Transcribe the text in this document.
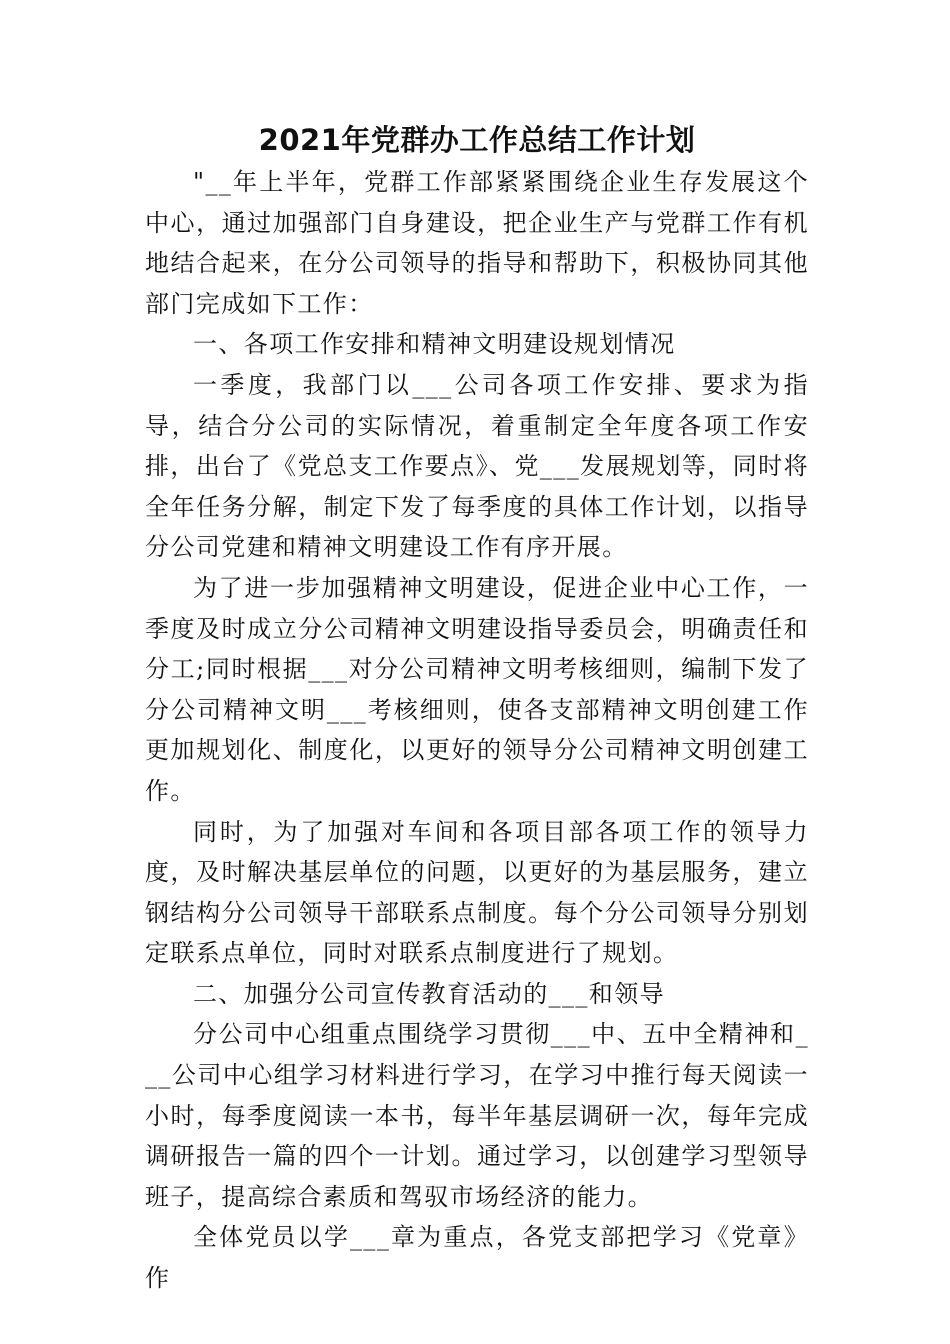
2021年党群办工作总结工作计划

"__年上半年，党群工作部紧紧围绕企业生存发展这个中心，通过加强部门自身建设，把企业生产与党群工作有机地结合起来，在分公司领导的指导和帮助下，积极协同其他部门完成如下工作：

一、各项工作安排和精神文明建设规划情况

一季度，我部门以___公司各项工作安排、要求为指导，结合分公司的实际情况，着重制定全年度各项工作安排，出台了《党总支工作要点》、党___发展规划等，同时将全年任务分解，制定下发了每季度的具体工作计划，以指导分公司党建和精神文明建设工作有序开展。

为了进一步加强精神文明建设，促进企业中心工作，一季度及时成立分公司精神文明建设指导委员会，明确责任和分工;同时根据___对分公司精神文明考核细则，编制下发了分公司精神文明___考核细则，使各支部精神文明创建工作更加规划化、制度化，以更好的领导分公司精神文明创建工作。

同时，为了加强对车间和各项目部各项工作的领导力度，及时解决基层单位的问题，以更好的为基层服务，建立钢结构分公司领导干部联系点制度。每个分公司领导分别划定联系点单位，同时对联系点制度进行了规划。

二、加强分公司宣传教育活动的___和领导

分公司中心组重点围绕学习贯彻___中、五中全精神和___公司中心组学习材料进行学习，在学习中推行每天阅读一小时，每季度阅读一本书，每半年基层调研一次，每年完成调研报告一篇的四个一计划。通过学习，以创建学习型领导班子，提高综合素质和驾驭市场经济的能力。

全体党员以学___章为重点，各党支部把学习《党章》作
